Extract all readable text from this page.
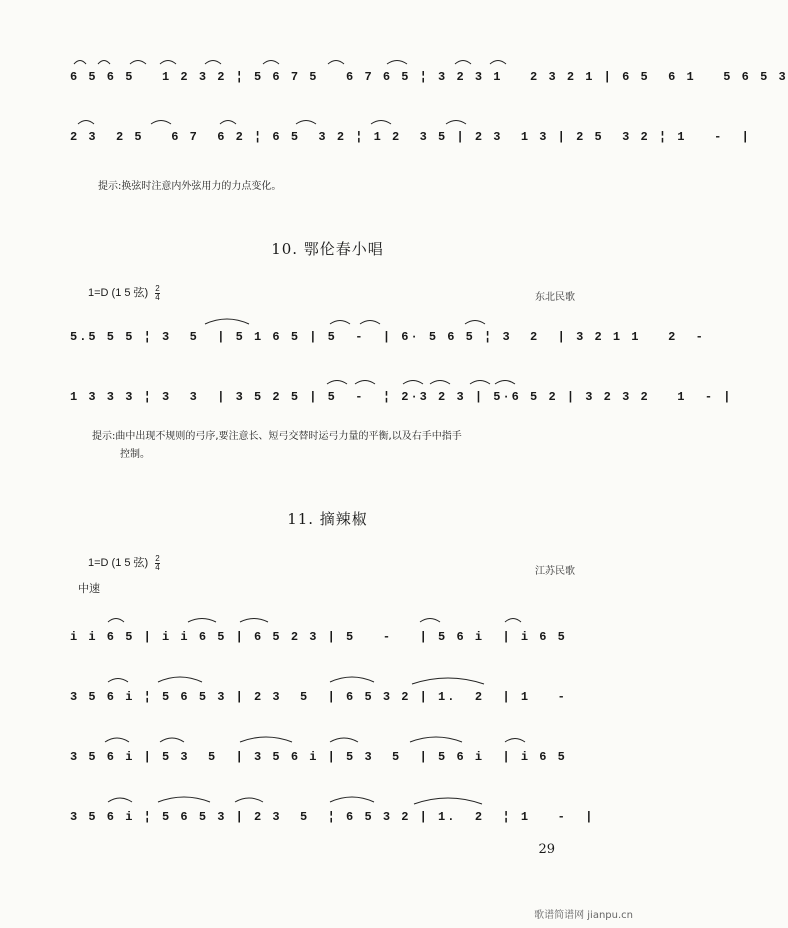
6 5 6 5   1 2 3 2 ¦ 5 6 7 5   6 7 6 5 ¦ 3 2 3 1   2 3 2 1 | 6 5  6 1   5 6 5 3
2 3  2 5   6 7  6 2 ¦ 6 5  3 2 ¦ 1 2  3 5 | 2 3  1 3 | 2 5  3 2 ¦ 1   -  |
提示:换弦时注意内外弦用力的力点变化。
10. 鄂伦春小唱
1=D (1 5 弦) $\frac{2}{4}$	东北民歌
5.5 5 5 ¦ 3  5  | 5 1 6 5 | 5  -  | 6· 5 6 5 ¦ 3  2  | 3 2 1 1   2  -
1 3 3 3 ¦ 3  3  | 3 5 2 5 | 5  -  ¦ 2·3 2 3 | 5·6 5 2 | 3 2 3 2   1  - |
提示:曲中出现不规则的弓序,要注意长、短弓交替时运弓力量的平衡,以及右手中指手
控制。
11. 摘辣椒
1=D (1 5 弦) $\frac{2}{4}$	江苏民歌
中速
i i 6 5 | i i 6 5 | 6 5 2 3 | 5   -   | 5 6 i  | i 6 5
3 5 6 i ¦ 5 6 5 3 | 2 3  5  | 6 5 3 2 | 1.  2  | 1   -
3 5 6 i | 5 3  5  | 3 5 6 i | 5 3  5  | 5 6 i  | i 6 5
3 5 6 i ¦ 5 6 5 3 | 2 3  5  ¦ 6 5 3 2 | 1.  2  ¦ 1   -  |
29
歌谱简谱网 jianpu.cn
